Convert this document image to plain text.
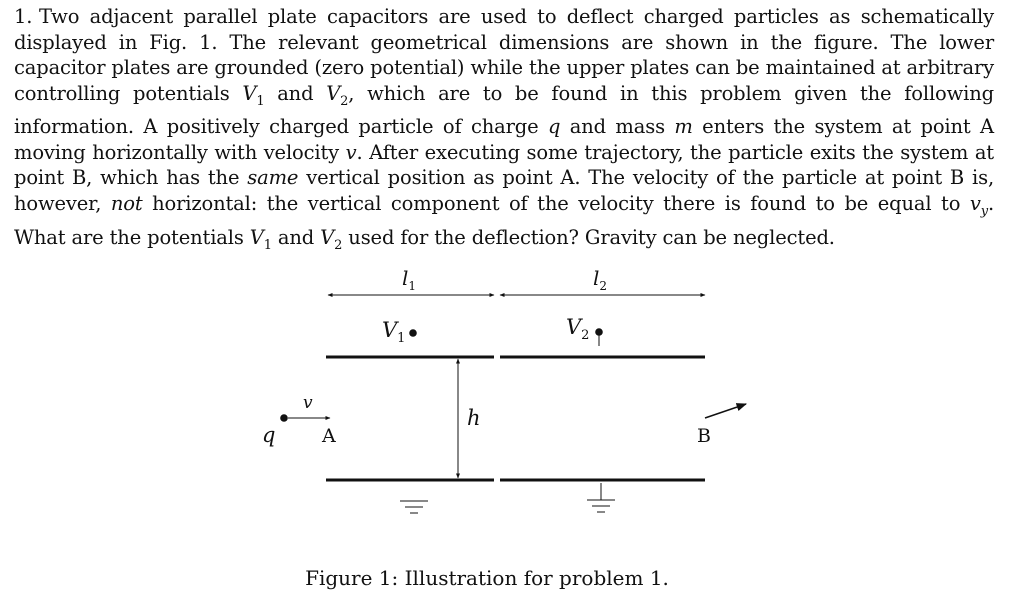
1. Two adjacent parallel plate capacitors are used to deflect charged particles as schematically displayed in Fig. 1. The relevant geometrical dimensions are shown in the figure. The lower capacitor plates are grounded (zero potential) while the upper plates can be maintained at arbitrary controlling potentials $V_1$ and $V_2$, which are to be found in this problem given the following information. A positively charged particle of charge q and mass m enters the system at point A moving horizontally with velocity v. After executing some trajectory, the particle exits the system at point B, which has the same vertical position as point A. The velocity of the particle at point B is, however, not horizontal: the vertical component of the velocity there is found to be equal to $v_y$. What are the potentials $V_1$ and $V_2$ used for the deflection? Gravity can be neglected.
$l_1$	$l_2$
$V_1$	$V_2$
h
v
q A	B
Figure 1: Illustration for problem 1.
